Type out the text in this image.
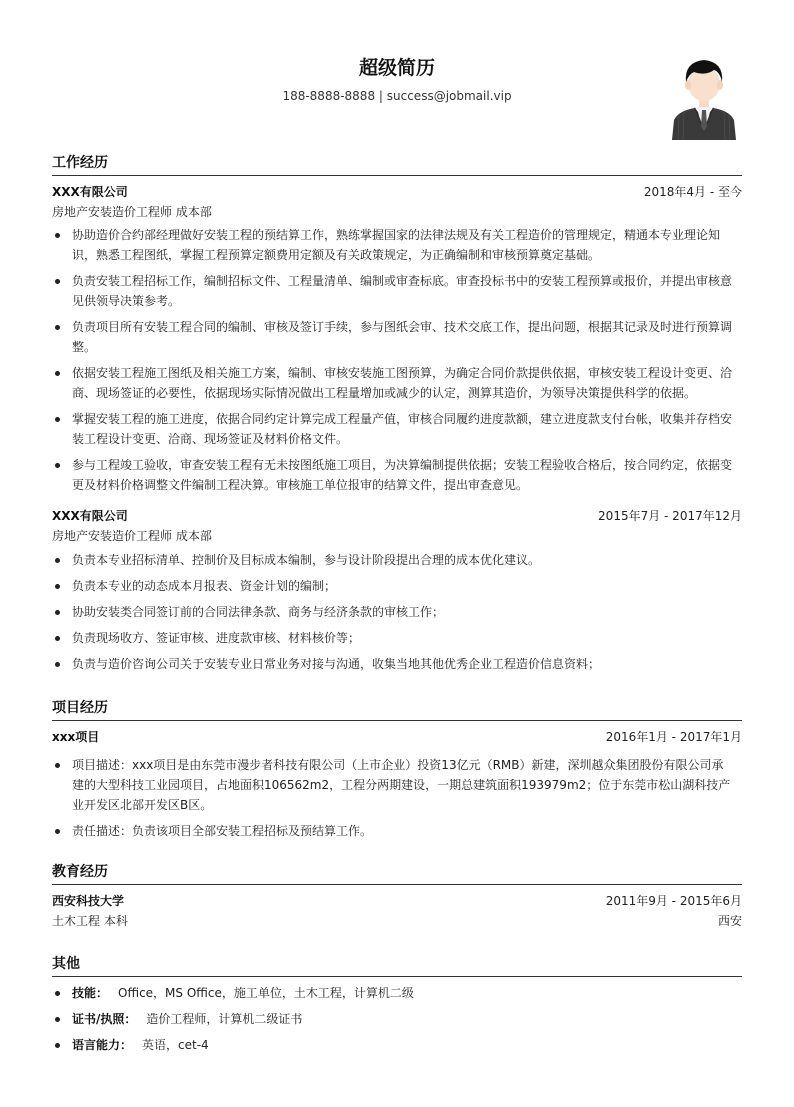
超级简历
188-8888-8888 | success@jobmail.vip
工作经历
XXX有限公司	2018年4月 - 至今
房地产安装造价工程师 成本部
协助造价合约部经理做好安装工程的预结算工作，熟练掌握国家的法律法规及有关工程造价的管理规定，精通本专业理论知识，熟悉工程图纸，掌握工程预算定额费用定额及有关政策规定，为正确编制和审核预算奠定基础。
负责安装工程招标工作，编制招标文件、工程量清单、编制或审查标底。审查投标书中的安装工程预算或报价，并提出审核意见供领导决策参考。
负责项目所有安装工程合同的编制、审核及签订手续，参与图纸会审、技术交底工作，提出问题，根据其记录及时进行预算调整。
依据安装工程施工图纸及相关施工方案，编制、审核安装施工图预算，为确定合同价款提供依据，审核安装工程设计变更、洽商、现场签证的必要性，依据现场实际情况做出工程量增加或减少的认定，测算其造价，为领导决策提供科学的依据。
掌握安装工程的施工进度，依据合同约定计算完成工程量产值，审核合同履约进度款额，建立进度款支付台帐，收集并存档安装工程设计变更、洽商、现场签证及材料价格文件。
参与工程竣工验收，审查安装工程有无未按图纸施工项目，为决算编制提供依据；安装工程验收合格后，按合同约定，依据变更及材料价格调整文件编制工程决算。审核施工单位报审的结算文件，提出审查意见。
XXX有限公司	2015年7月 - 2017年12月
房地产安装造价工程师 成本部
负责本专业招标清单、控制价及目标成本编制，参与设计阶段提出合理的成本优化建议。
负责本专业的动态成本月报表、资金计划的编制；
协助安装类合同签订前的合同法律条款、商务与经济条款的审核工作；
负责现场收方、签证审核、进度款审核、材料核价等；
负责与造价咨询公司关于安装专业日常业务对接与沟通，收集当地其他优秀企业工程造价信息资料；
项目经历
xxx项目	2016年1月 - 2017年1月
项目描述：xxx项目是由东莞市漫步者科技有限公司（上市企业）投资13亿元（RMB）新建，深圳越众集团股份有限公司承建的大型科技工业园项目，占地面积106562m2，工程分两期建设，一期总建筑面积193979m2；位于东莞市松山湖科技产业开发区北部开发区B区。
责任描述：负责该项目全部安装工程招标及预结算工作。
教育经历
西安科技大学	2011年9月 - 2015年6月
土木工程 本科	西安
其他
技能： Office，MS Office，施工单位，土木工程，计算机二级
证书/执照： 造价工程师，计算机二级证书
语言能力： 英语，cet-4
